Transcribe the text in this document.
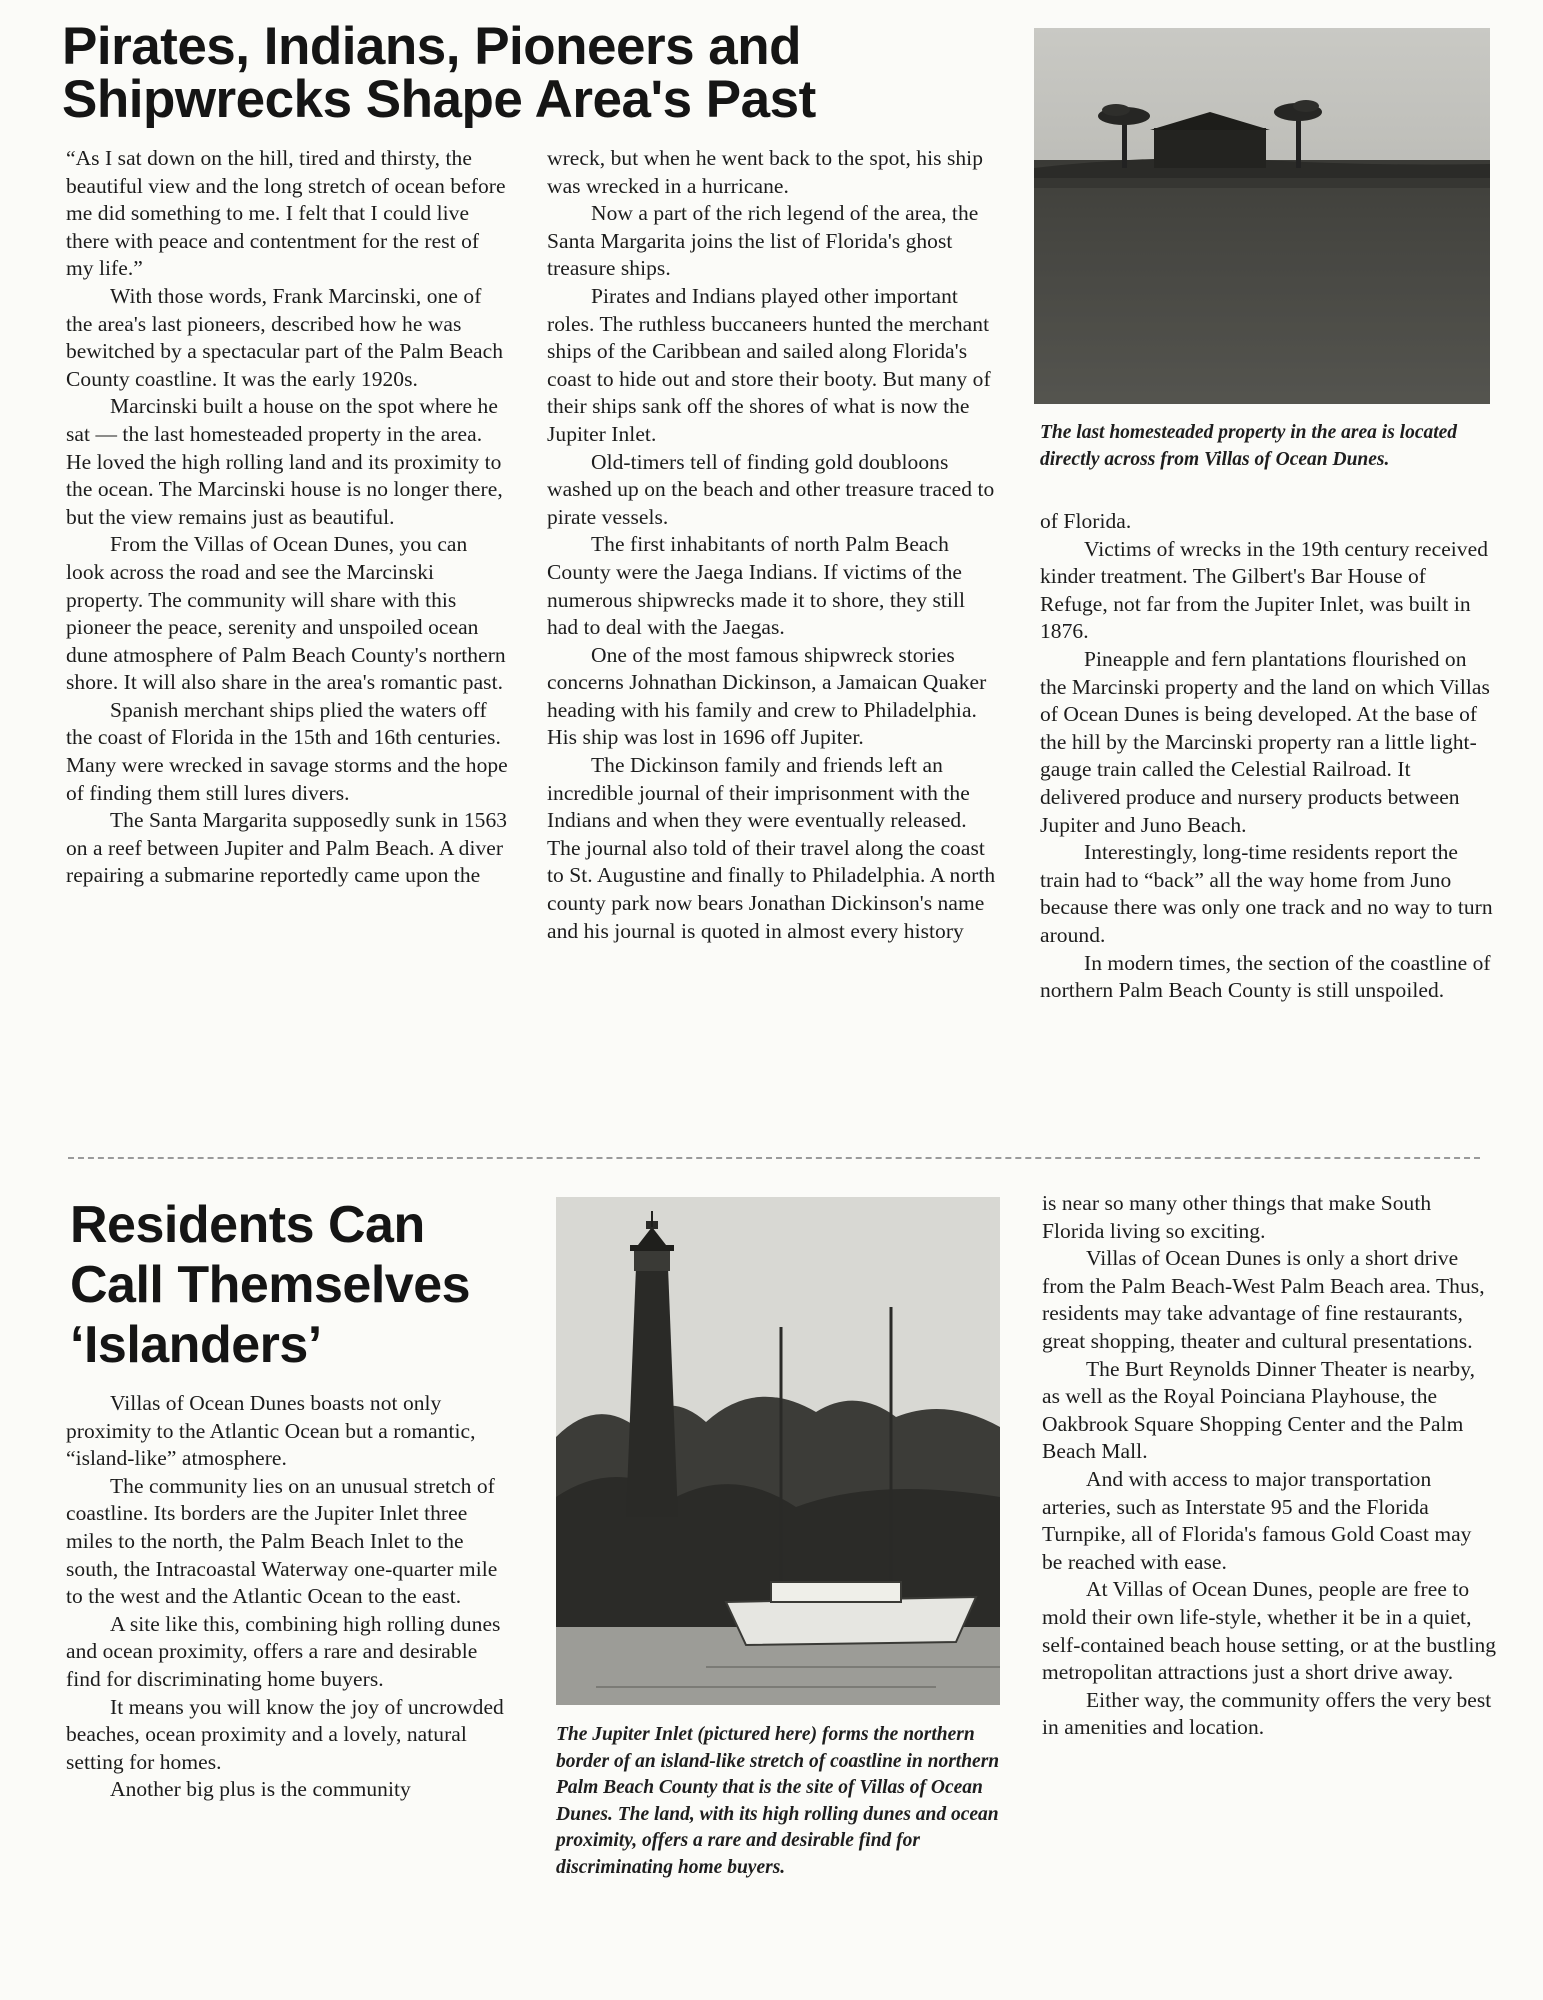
Pirates, Indians, Pioneers and
Shipwrecks Shape Area's Past

“As I sat down on the hill, tired and thirsty, the beautiful view and the long stretch of ocean before me did something to me. I felt that I could live there with peace and contentment for the rest of my life.”

With those words, Frank Marcinski, one of the area's last pioneers, described how he was bewitched by a spectacular part of the Palm Beach County coastline. It was the early 1920s.

Marcinski built a house on the spot where he sat — the last homesteaded property in the area. He loved the high rolling land and its proximity to the ocean. The Marcinski house is no longer there, but the view remains just as beautiful.

From the Villas of Ocean Dunes, you can look across the road and see the Marcinski property. The community will share with this pioneer the peace, serenity and unspoiled ocean dune atmosphere of Palm Beach County's northern shore. It will also share in the area's romantic past.

Spanish merchant ships plied the waters off the coast of Florida in the 15th and 16th centuries. Many were wrecked in savage storms and the hope of finding them still lures divers.

The Santa Margarita supposedly sunk in 1563 on a reef between Jupiter and Palm Beach. A diver repairing a submarine reportedly came upon the

wreck, but when he went back to the spot, his ship was wrecked in a hurricane.

Now a part of the rich legend of the area, the Santa Margarita joins the list of Florida's ghost treasure ships.

Pirates and Indians played other important roles. The ruthless buccaneers hunted the merchant ships of the Caribbean and sailed along Florida's coast to hide out and store their booty. But many of their ships sank off the shores of what is now the Jupiter Inlet.

Old-timers tell of finding gold doubloons washed up on the beach and other treasure traced to pirate vessels.

The first inhabitants of north Palm Beach County were the Jaega Indians. If victims of the numerous shipwrecks made it to shore, they still had to deal with the Jaegas.

One of the most famous shipwreck stories concerns Johnathan Dickinson, a Jamaican Quaker heading with his family and crew to Philadelphia. His ship was lost in 1696 off Jupiter.

The Dickinson family and friends left an incredible journal of their imprisonment with the Indians and when they were eventually released. The journal also told of their travel along the coast to St. Augustine and finally to Philadelphia. A north county park now bears Jonathan Dickinson's name and his journal is quoted in almost every history

The last homesteaded property in the area is located directly across from Villas of Ocean Dunes.

of Florida.

Victims of wrecks in the 19th century received kinder treatment. The Gilbert's Bar House of Refuge, not far from the Jupiter Inlet, was built in 1876.

Pineapple and fern plantations flourished on the Marcinski property and the land on which Villas of Ocean Dunes is being developed. At the base of the hill by the Marcinski property ran a little light-gauge train called the Celestial Railroad. It delivered produce and nursery products between Jupiter and Juno Beach.

Interestingly, long-time residents report the train had to “back” all the way home from Juno because there was only one track and no way to turn around.

In modern times, the section of the coastline of northern Palm Beach County is still unspoiled.

Residents Can
Call Themselves
‘Islanders’

Villas of Ocean Dunes boasts not only proximity to the Atlantic Ocean but a romantic, “island-like” atmosphere.

The community lies on an unusual stretch of coastline. Its borders are the Jupiter Inlet three miles to the north, the Palm Beach Inlet to the south, the Intracoastal Waterway one-quarter mile to the west and the Atlantic Ocean to the east.

A site like this, combining high rolling dunes and ocean proximity, offers a rare and desirable find for discriminating home buyers.

It means you will know the joy of uncrowded beaches, ocean proximity and a lovely, natural setting for homes.

Another big plus is the community

The Jupiter Inlet (pictured here) forms the northern border of an island-like stretch of coastline in northern Palm Beach County that is the site of Villas of Ocean Dunes. The land, with its high rolling dunes and ocean proximity, offers a rare and desirable find for discriminating home buyers.

is near so many other things that make South Florida living so exciting.

Villas of Ocean Dunes is only a short drive from the Palm Beach-West Palm Beach area. Thus, residents may take advantage of fine restaurants, great shopping, theater and cultural presentations.

The Burt Reynolds Dinner Theater is nearby, as well as the Royal Poinciana Playhouse, the Oakbrook Square Shopping Center and the Palm Beach Mall.

And with access to major transportation arteries, such as Interstate 95 and the Florida Turnpike, all of Florida's famous Gold Coast may be reached with ease.

At Villas of Ocean Dunes, people are free to mold their own life-style, whether it be in a quiet, self-contained beach house setting, or at the bustling metropolitan attractions just a short drive away.

Either way, the community offers the very best in amenities and location.
